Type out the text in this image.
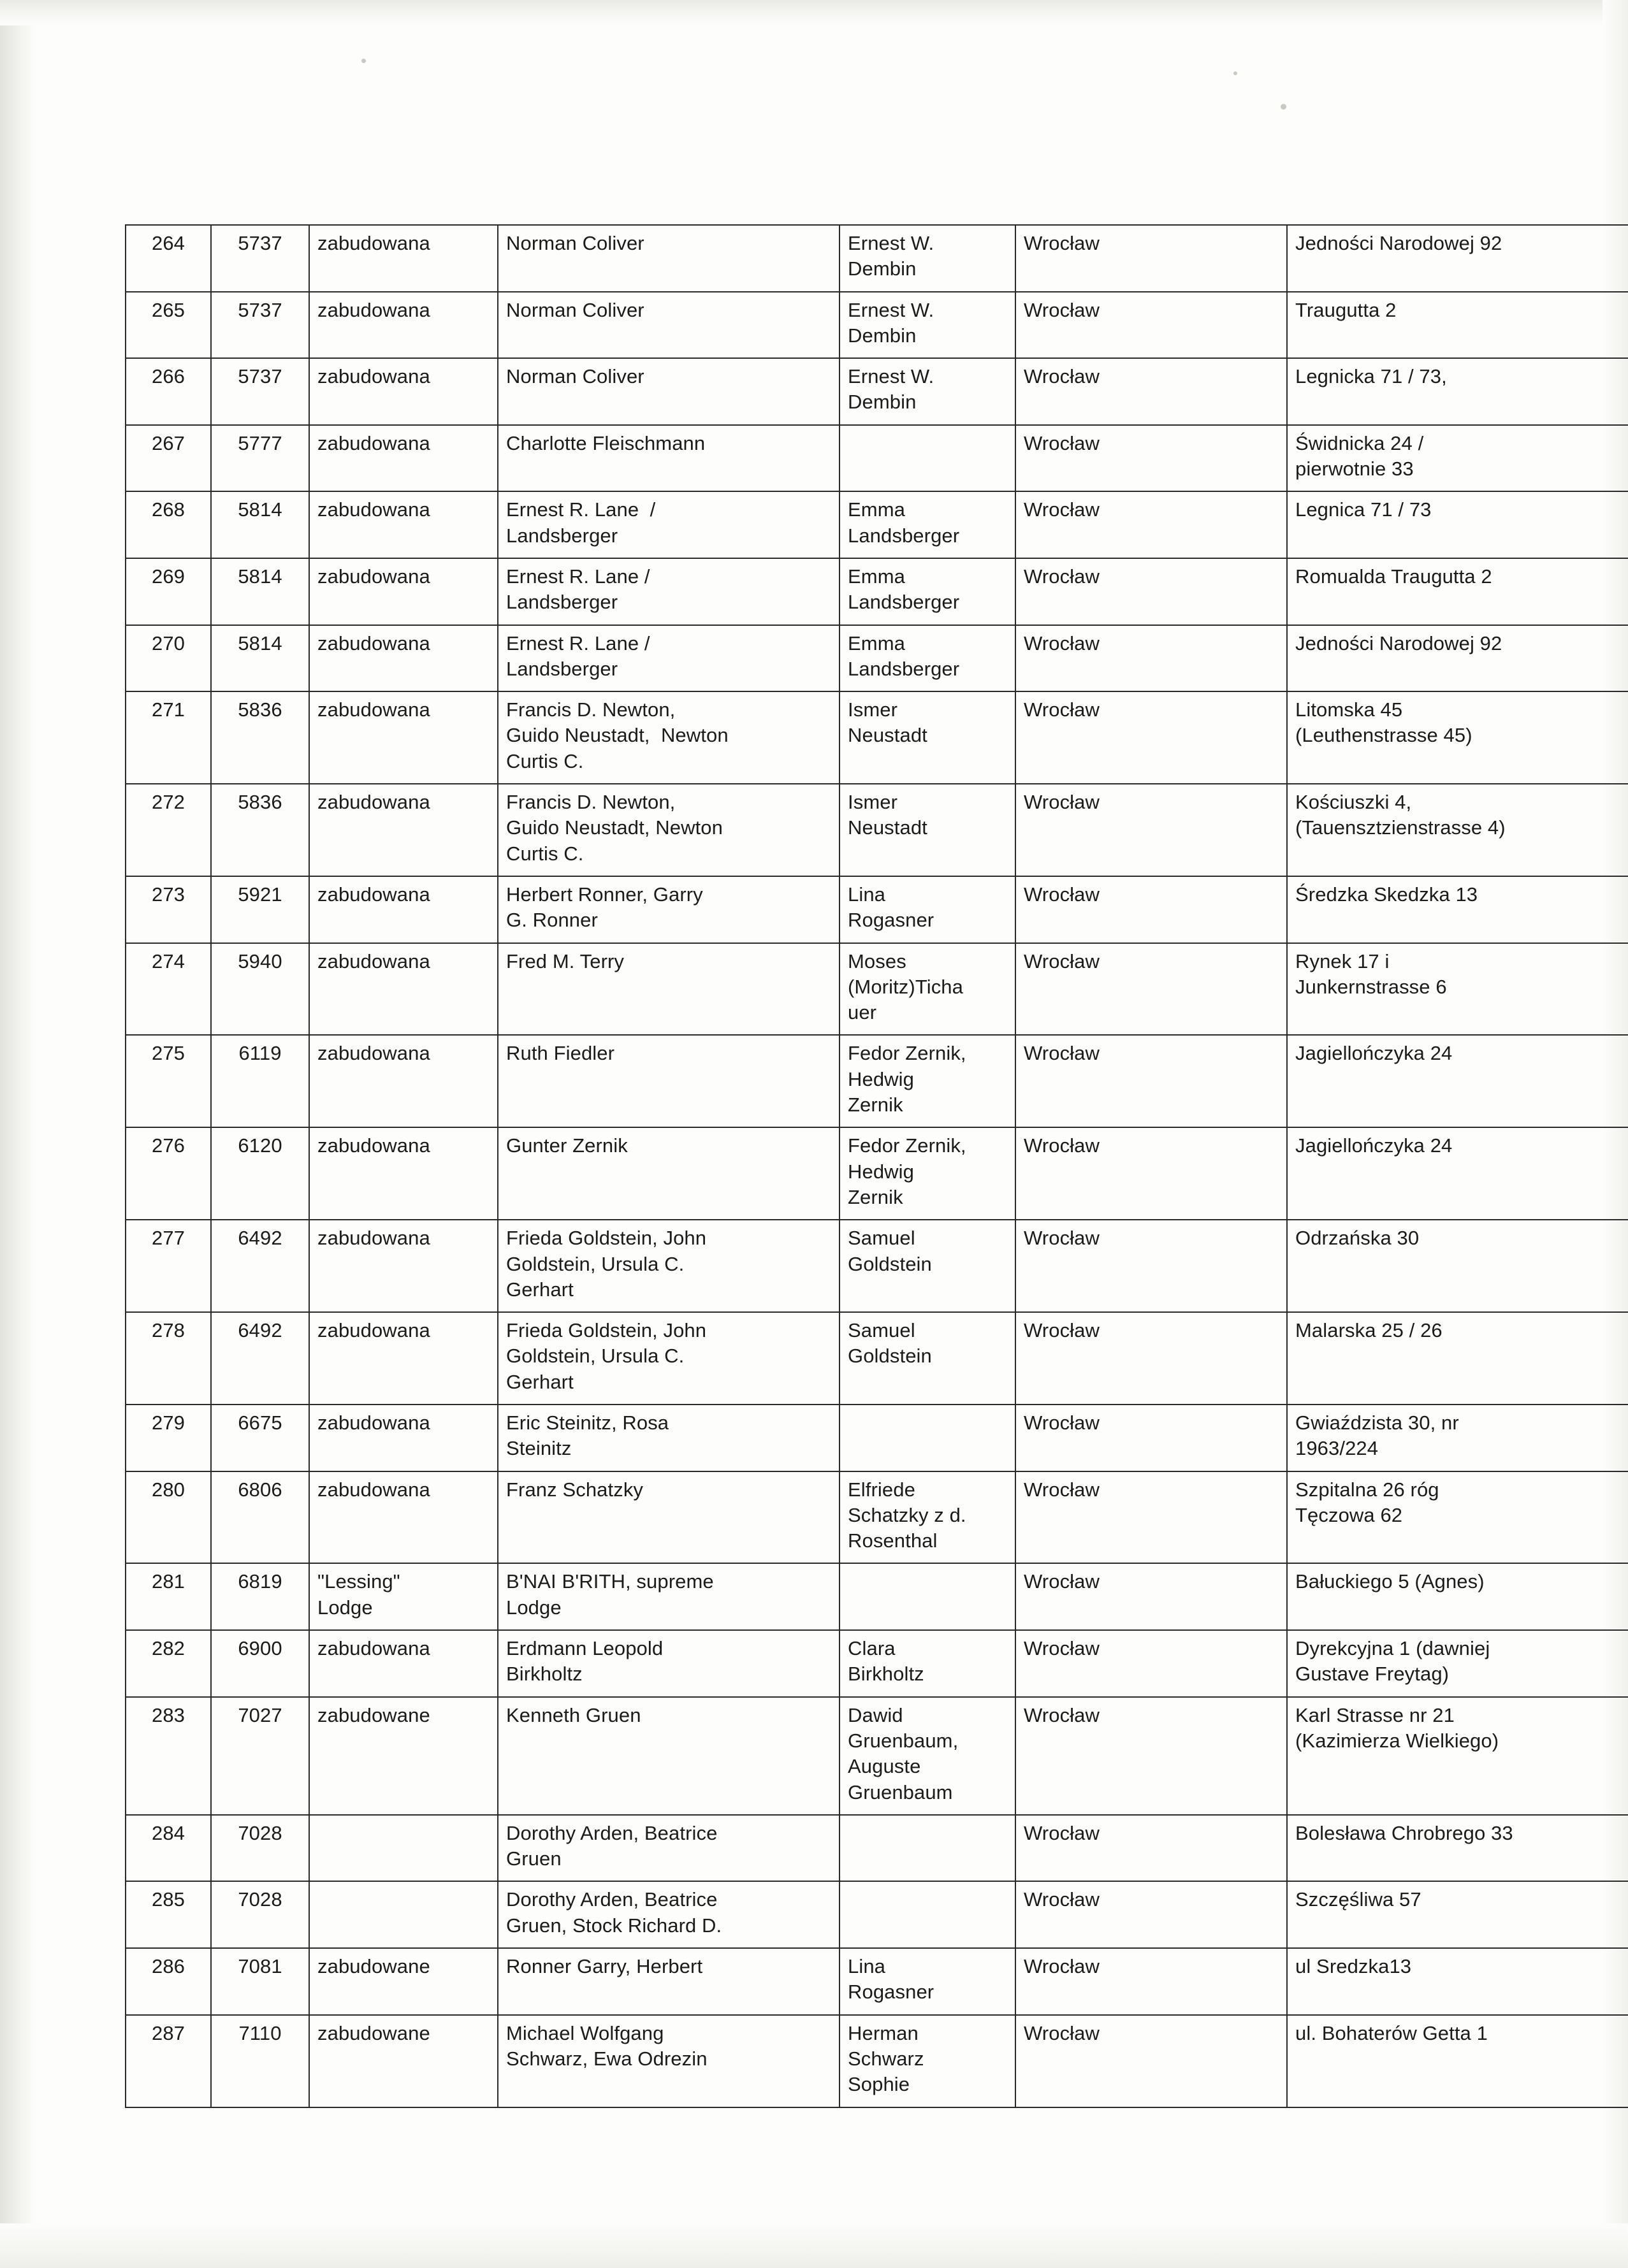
264	5737	zabudowana	Norman Coliver	Ernest W.
Dembin	Wrocław	Jedności Narodowej 92

265	5737	zabudowana	Norman Coliver	Ernest W.
Dembin	Wrocław	Traugutta 2

266	5737	zabudowana	Norman Coliver	Ernest W.
Dembin	Wrocław	Legnicka 71 / 73,

267	5777	zabudowana	Charlotte Fleischmann		Wrocław	Świdnicka 24 /
pierwotnie 33

268	5814	zabudowana	Ernest R. Lane  /
Landsberger	Emma
Landsberger	Wrocław	Legnica 71 / 73

269	5814	zabudowana	Ernest R. Lane /
Landsberger	Emma
Landsberger	Wrocław	Romualda Traugutta 2

270	5814	zabudowana	Ernest R. Lane /
Landsberger	Emma
Landsberger	Wrocław	Jedności Narodowej 92

271	5836	zabudowana	Francis D. Newton,
Guido Neustadt,  Newton
Curtis C.	Ismer
Neustadt	Wrocław	Litomska 45
(Leuthenstrasse 45)

272	5836	zabudowana	Francis D. Newton,
Guido Neustadt, Newton
Curtis C.	Ismer
Neustadt	Wrocław	Kościuszki 4,
(Tauensztzienstrasse 4)

273	5921	zabudowana	Herbert Ronner, Garry
G. Ronner	Lina
Rogasner	Wrocław	Średzka Skedzka 13

274	5940	zabudowana	Fred M. Terry	Moses
(Moritz)Ticha
uer	Wrocław	Rynek 17 i
Junkernstrasse 6

275	6119	zabudowana	Ruth Fiedler	Fedor Zernik,
Hedwig
Zernik	Wrocław	Jagiellończyka 24

276	6120	zabudowana	Gunter Zernik	Fedor Zernik,
Hedwig
Zernik	Wrocław	Jagiellończyka 24

277	6492	zabudowana	Frieda Goldstein, John
Goldstein, Ursula C.
Gerhart	Samuel
Goldstein	Wrocław	Odrzańska 30

278	6492	zabudowana	Frieda Goldstein, John
Goldstein, Ursula C.
Gerhart	Samuel
Goldstein	Wrocław	Malarska 25 / 26

279	6675	zabudowana	Eric Steinitz, Rosa
Steinitz		Wrocław	Gwiaździsta 30, nr
1963/224

280	6806	zabudowana	Franz Schatzky	Elfriede
Schatzky z d.
Rosenthal	Wrocław	Szpitalna 26 róg
Tęczowa 62

281	6819	"Lessing"
Lodge	B'NAI B'RITH, supreme
Lodge		Wrocław	Bałuckiego 5 (Agnes)

282	6900	zabudowana	Erdmann Leopold
Birkholtz	Clara
Birkholtz	Wrocław	Dyrekcyjna 1 (dawniej
Gustave Freytag)

283	7027	zabudowane	Kenneth Gruen	Dawid
Gruenbaum,
Auguste
Gruenbaum	Wrocław	Karl Strasse nr 21
(Kazimierza Wielkiego)

284	7028		Dorothy Arden, Beatrice
Gruen		Wrocław	Bolesława Chrobrego 33

285	7028		Dorothy Arden, Beatrice
Gruen, Stock Richard D.		Wrocław	Szczęśliwa 57

286	7081	zabudowane	Ronner Garry, Herbert	Lina
Rogasner	Wrocław	ul Sredzka13

287	7110	zabudowane	Michael Wolfgang
Schwarz, Ewa Odrezin	Herman
Schwarz
Sophie	Wrocław	ul. Bohaterów Getta 1
